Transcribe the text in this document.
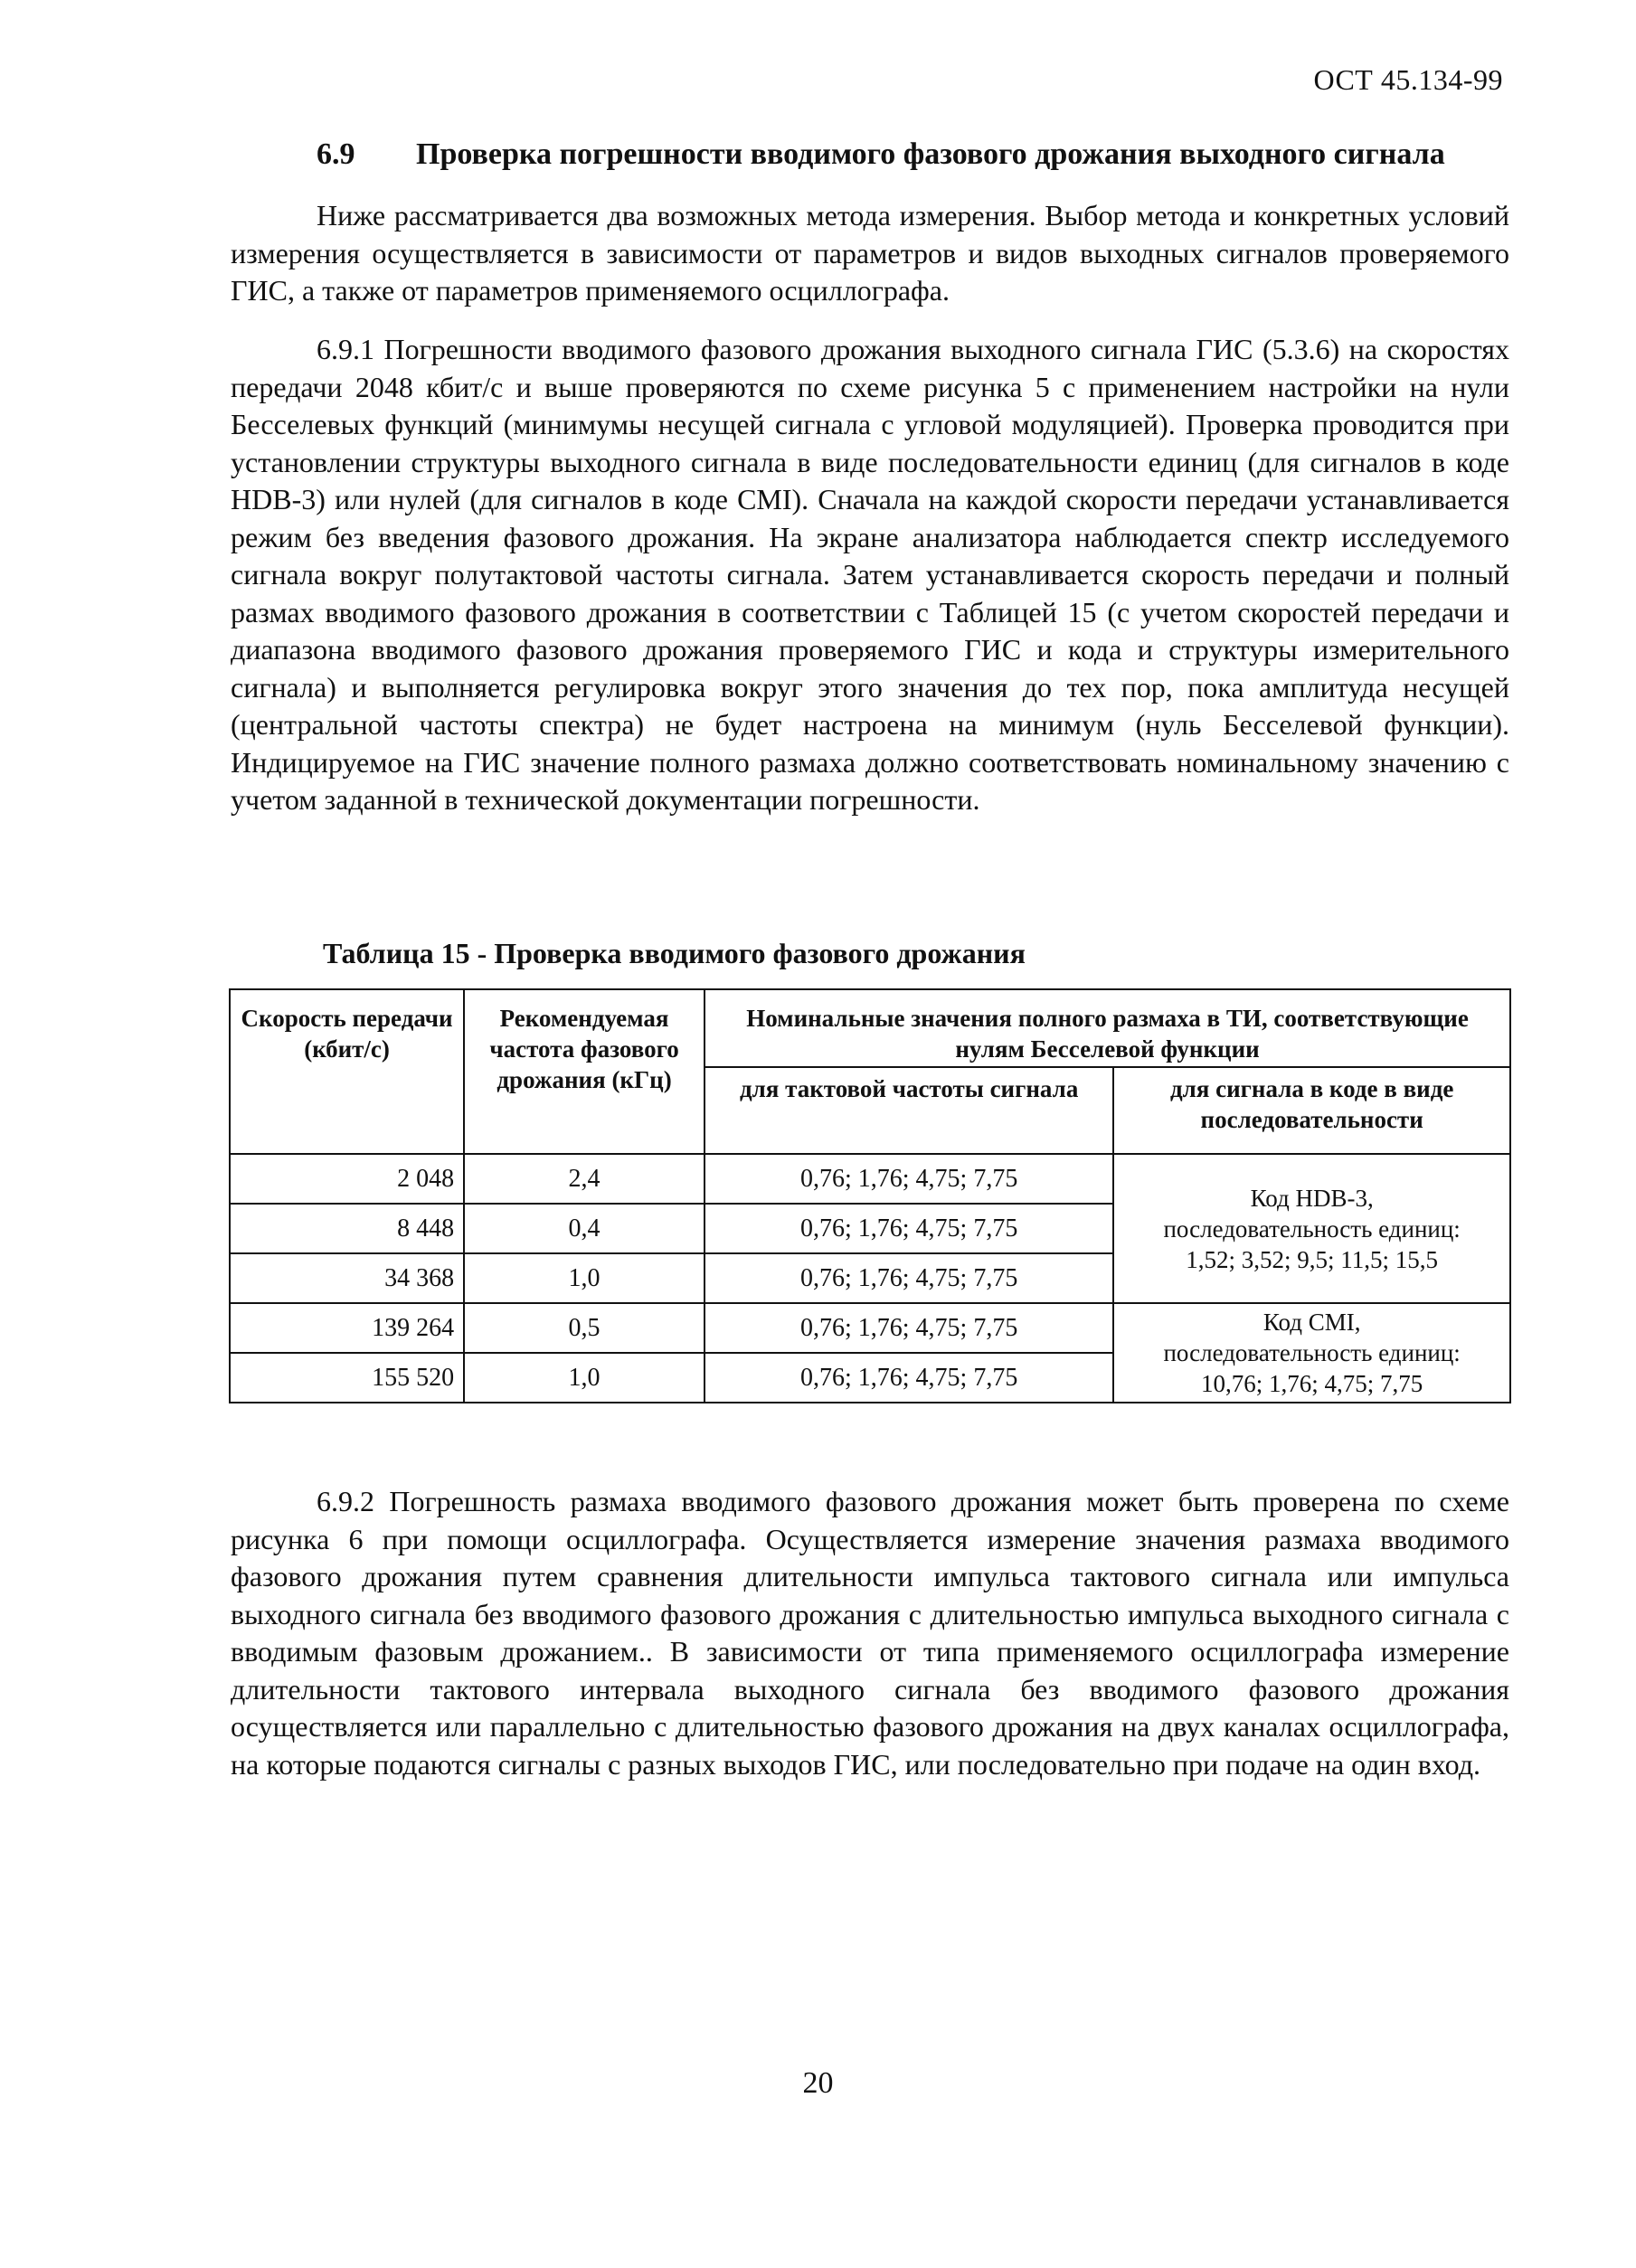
ОСТ 45.134-99
6.9 Проверка погрешности вводимого фазового дрожания выходного сигнала

Ниже рассматривается два возможных метода измерения. Выбор метода и конкретных условий измерения осуществляется в зависимости от параметров и видов выходных сигналов проверяемого ГИС, а также от параметров применяемого осциллографа.

6.9.1 Погрешности вводимого фазового дрожания выходного сигнала ГИС (5.3.6) на скоростях передачи 2048 кбит/с и выше проверяются по схеме рисунка 5 с применением настройки на нули Бесселевых функций (минимумы несущей сигнала с угловой модуляцией). Проверка проводится при установлении структуры выходного сигнала в виде последовательности единиц (для сигналов в коде HDB-3) или нулей (для сигналов в коде CMI). Сначала на каждой скорости передачи устанавливается режим без введения фазового дрожания. На экране анализатора наблюдается спектр исследуемого сигнала вокруг полутактовой частоты сигнала. Затем устанавливается скорость передачи и полный размах вводимого фазового дрожания в соответствии с Таблицей 15 (с учетом скоростей передачи и диапазона вводимого фазового дрожания проверяемого ГИС и кода и структуры измерительного сигнала) и выполняется регулировка вокруг этого значения до тех пор, пока амплитуда несущей (центральной частоты спектра) не будет настроена на минимум (нуль Бесселевой функции). Индицируемое на ГИС значение полного размаха должно соответствовать номинальному значению с учетом заданной в технической документации погрешности.

Таблица 15 - Проверка вводимого фазового дрожания
Скорость передачи (кбит/с)	Рекомендуемая частота фазового дрожания (кГц)	Номинальные значения полного размаха в ТИ, соответствующие нулям Бесселевой функции	
		для тактовой частоты сигнала	для сигнала в коде в виде последовательности
2 048	2,4	0,76; 1,76; 4,75; 7,75	Код HDB-3,
последовательность единиц:
1,52; 3,52; 9,5; 11,5; 15,5

8 448	0,4	0,76; 1,76; 4,75; 7,75	
34 368	1,0	0,76; 1,76; 4,75; 7,75	
139 264	0,5	0,76; 1,76; 4,75; 7,75	Код CMI,
последовательность единиц:
10,76; 1,76; 4,75; 7,75

155 520	1,0	0,76; 1,76; 4,75; 7,75	

6.9.2 Погрешность размаха вводимого фазового дрожания может быть проверена по схеме рисунка 6 при помощи осциллографа. Осуществляется измерение значения размаха вводимого фазового дрожания путем сравнения длительности импульса тактового сигнала или импульса выходного сигнала без вводимого фазового дрожания с длительностью импульса выходного сигнала с вводимым фазовым дрожанием.. В зависимости от типа применяемого осциллографа измерение длительности тактового интервала выходного сигнала без вводимого фазового дрожания осуществляется или параллельно с длительностью фазового дрожания на двух каналах осциллографа, на которые подаются сигналы с разных выходов ГИС, или последовательно при подаче на один вход.

20
